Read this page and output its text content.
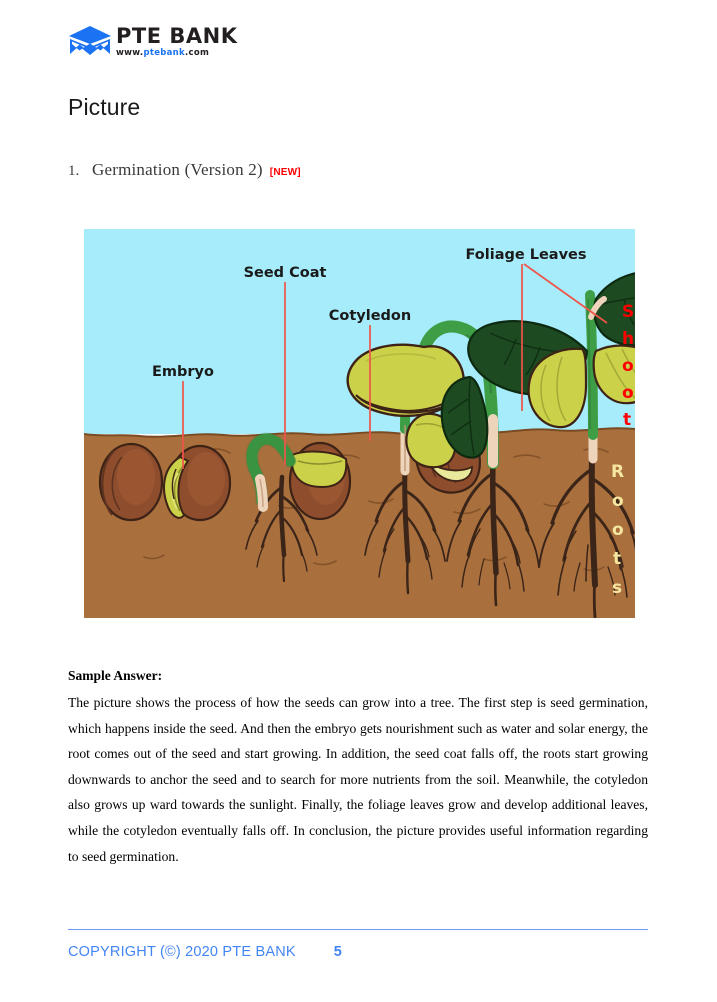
PTE BANK
www.ptebank.com
Picture
1. Germination (Version 2) [NEW]
Embryo
Seed Coat
Cotyledon
Foliage Leaves
S
h
o
o
t
R
o
o
t
s
Sample Answer:
The picture shows the process of how the seeds can grow into a tree. The first step is seed germination, which happens inside the seed. And then the embryo gets nourishment such as water and solar energy, the root comes out of the seed and start growing. In addition, the seed coat falls off, the roots start growing downwards to anchor the seed and to search for more nutrients from the soil. Meanwhile, the cotyledon also grows up ward towards the sunlight. Finally, the foliage leaves grow and develop additional leaves, while the cotyledon eventually falls off. In conclusion, the picture provides useful information regarding to seed germination.
COPYRIGHT (©) 2020 PTE BANK	5
